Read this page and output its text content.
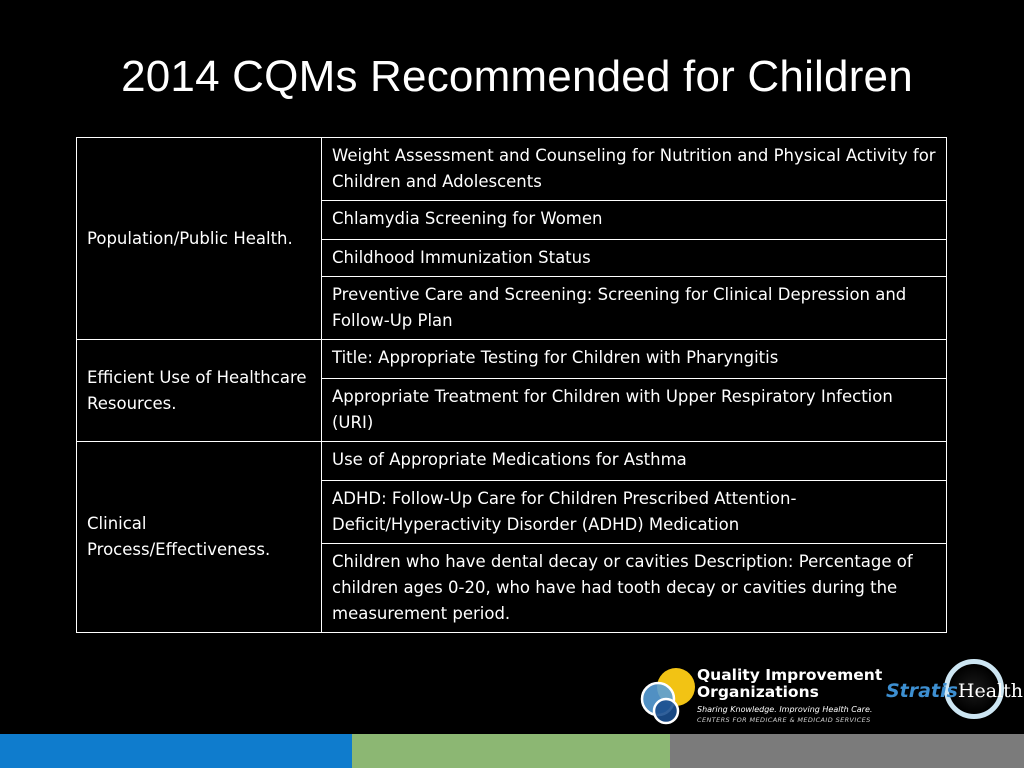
2014 CQMs Recommended for Children
Population/Public Health.	Weight Assessment and Counseling for Nutrition and Physical Activity for Children and Adolescents
	Chlamydia Screening for Women
	Childhood Immunization Status
	Preventive Care and Screening: Screening for Clinical Depression and Follow-Up Plan
Efficient Use of Healthcare Resources.	Title: Appropriate Testing for Children with Pharyngitis
	Appropriate Treatment for Children with Upper Respiratory Infection (URI)
Clinical Process/Effectiveness.	Use of Appropriate Medications for Asthma
	ADHD: Follow-Up Care for Children Prescribed Attention-Deficit/Hyperactivity Disorder (ADHD) Medication
	Children who have dental decay or cavities Description: Percentage of children ages 0-20, who have had tooth decay or cavities during the measurement period.
Quality Improvement
Organizations
Sharing Knowledge. Improving Health Care.
CENTERS FOR MEDICARE & MEDICAID SERVICES
StratisHealth
